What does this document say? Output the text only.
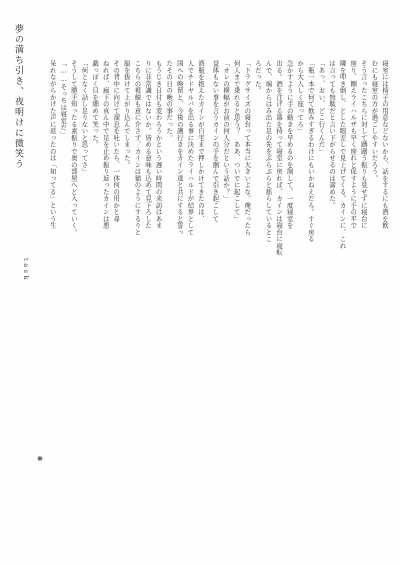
夢の満ち引き、夜明けに微笑う
task
❋
酒瓶を抱えたカインが自宅まで押しかけてきたのは、
人でチドヤルバを出る事に決めたライハルドが結界として
国への喚留と、今後の護行きをカイン達と共にすると誓っ
たその日の晩の事だった。
もうじき日付も変わろうかという遅い時間の来訪はあま
りに非常識ではないか。皆める意味も込めて見下ろした
こちらの視線も意に介さず、カインは猫のようにするりと
脇を抜けて上がり込んでしまった。
その背中に向けて溜息を吐いたら、一体何の用かと尋
ねれば、廊下の真ん中で足を止め振り返ったカインは悪
戯っぽく目を細めて笑った。
「何となく話し足りないと思ってさ」
そうして勝手知ったる素振りで奥の部屋へと入っていく。
「……そっちは寝室だ」
呆れながらかけた声に返ったのは「知ってる」という生	寝室には椅子の用意などないから、話をするにも酒を飲
むにも寝室の方が過ごしやすいだろう。
そう言ったこちらに対して躊躇う振りも見せずに寝台に
座り、剛えライハルザも早く座れと促すように手の平で
隣を叩き倒し、とした眼差しで見上げてくる。カインに、これ
は言っても無駄だと言い下がらせるのは諦めた。
「あっ、おい、どこ行くんだ」
「瓶一本で何て飲みすぎるわけにもいかねえだろ。すぐ戻る
から大人しく座ってろ」
急かすように手の動きを早めるのを制して、一度寝室を
出る。酒を注げる器を持って寝室に戻れば、カインは寝台に寝転
んで、端からはみ出た足の先をぶらぶらと揺らしているとこ
ろだった。
「ドラグサイズの寝台って本当に大きいよな。俺だったら
何人まで乗れると思う？　ああ、ついでに起こして」
「オレの横幅がお前の何人分だという話か？」
益体もない事を言うカインの手を掴んで引き起こして
